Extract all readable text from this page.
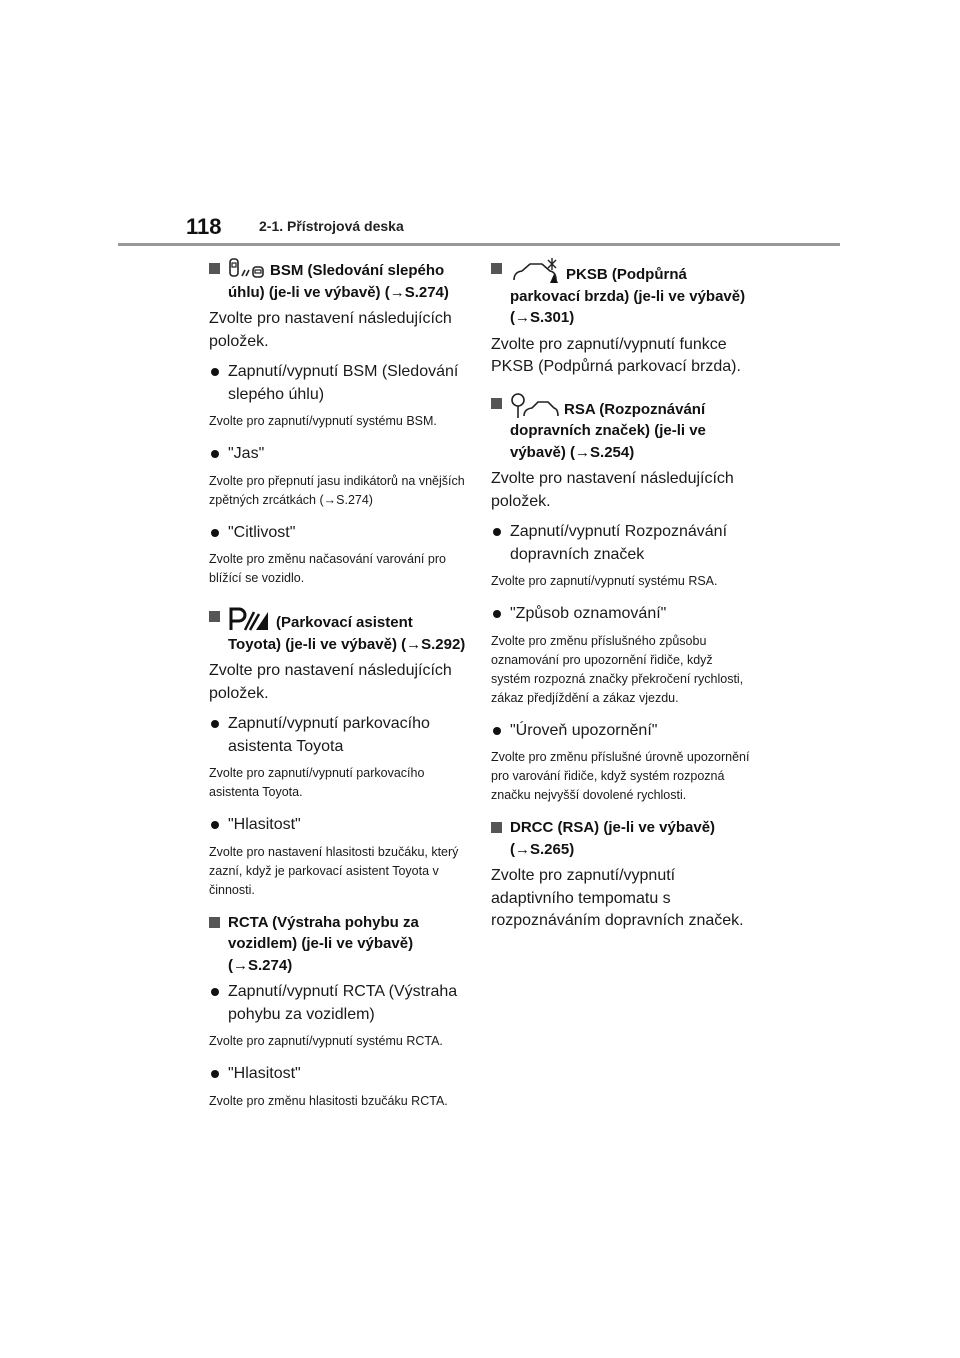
118	2-1. Přístrojová deska
BSM (Sledování slepého úhlu) (je-li ve výbavě) (→S.274)

Zvolte pro nastavení následujících položek.

Zapnutí/vypnutí BSM (Sledování slepého úhlu)

Zvolte pro zapnutí/vypnutí systému BSM.

"Jas"

Zvolte pro přepnutí jasu indikátorů na vnějších zpětných zrcátkách (→S.274)

"Citlivost"

Zvolte pro změnu načasování varování pro blížící se vozidlo.

(Parkovací asistent Toyota) (je-li ve výbavě) (→S.292)

Zvolte pro nastavení následujících položek.

Zapnutí/vypnutí parkovacího asistenta Toyota

Zvolte pro zapnutí/vypnutí parkovacího asistenta Toyota.

"Hlasitost"

Zvolte pro nastavení hlasitosti bzučáku, který zazní, když je parkovací asistent Toyota v činnosti.

RCTA (Výstraha pohybu za vozidlem) (je-li ve výbavě) (→S.274)
Zapnutí/vypnutí RCTA (Výstraha pohybu za vozidlem)

Zvolte pro zapnutí/vypnutí systému RCTA.

"Hlasitost"

Zvolte pro změnu hlasitosti bzučáku RCTA.

PKSB (Podpůrná parkovací brzda) (je-li ve výbavě) (→S.301)

Zvolte pro zapnutí/vypnutí funkce PKSB (Podpůrná parkovací brzda).

RSA (Rozpoznávání dopravních značek) (je-li ve výbavě) (→S.254)

Zvolte pro nastavení následujících položek.

Zapnutí/vypnutí Rozpoznávání dopravních značek

Zvolte pro zapnutí/vypnutí systému RSA.

"Způsob oznamování"

Zvolte pro změnu příslušného způsobu oznamování pro upozornění řidiče, když systém rozpozná značky překročení rychlosti, zákaz předjíždění a zákaz vjezdu.

"Úroveň upozornění"

Zvolte pro změnu příslušné úrovně upozornění pro varování řidiče, když systém rozpozná značku nejvyšší dovolené rychlosti.

DRCC (RSA) (je-li ve výbavě) (→S.265)

Zvolte pro zapnutí/vypnutí adaptivního tempomatu s rozpoznáváním dopravních značek.
